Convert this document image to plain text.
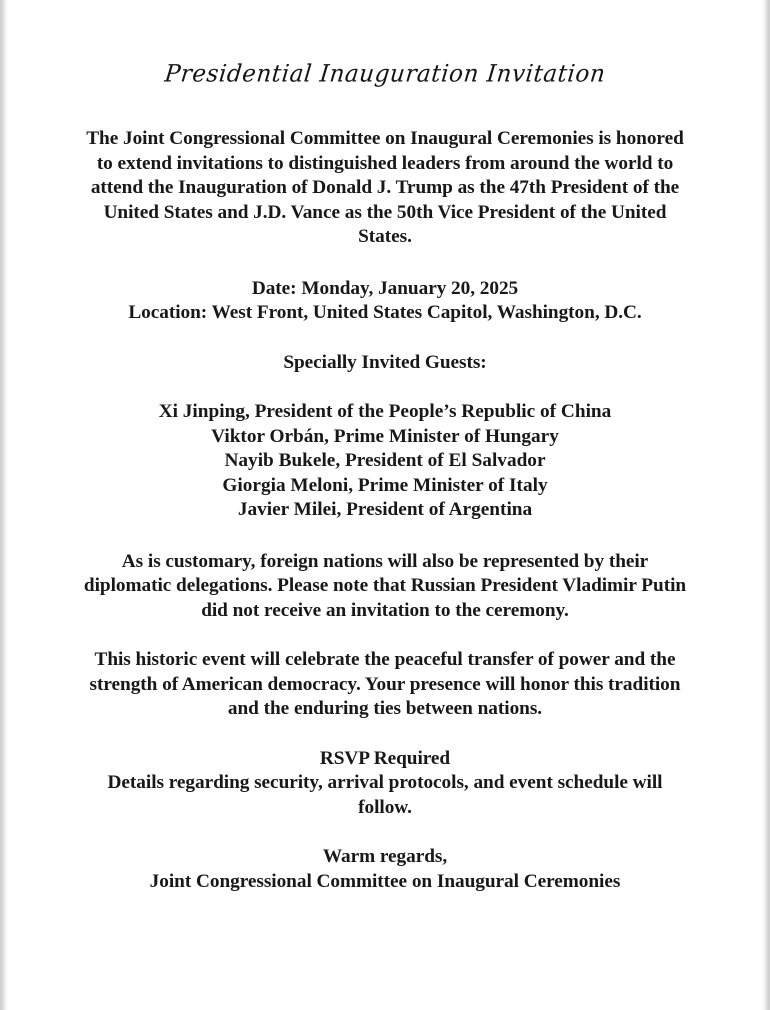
Presidential Inauguration Invitation

The Joint Congressional Committee on Inaugural Ceremonies is honored to extend invitations to distinguished leaders from around the world to attend the Inauguration of Donald J. Trump as the 47th President of the United States and J.D. Vance as the 50th Vice President of the United States.

Date: Monday, January 20, 2025

Location: West Front, United States Capitol, Washington, D.C.

Specially Invited Guests:

Xi Jinping, President of the People’s Republic of China

Viktor Orbán, Prime Minister of Hungary

Nayib Bukele, President of El Salvador

Giorgia Meloni, Prime Minister of Italy

Javier Milei, President of Argentina

As is customary, foreign nations will also be represented by their diplomatic delegations. Please note that Russian President Vladimir Putin did not receive an invitation to the ceremony.

This historic event will celebrate the peaceful transfer of power and the strength of American democracy. Your presence will honor this tradition and the enduring ties between nations.

RSVP Required

Details regarding security, arrival protocols, and event schedule will follow.

Warm regards,

Joint Congressional Committee on Inaugural Ceremonies
